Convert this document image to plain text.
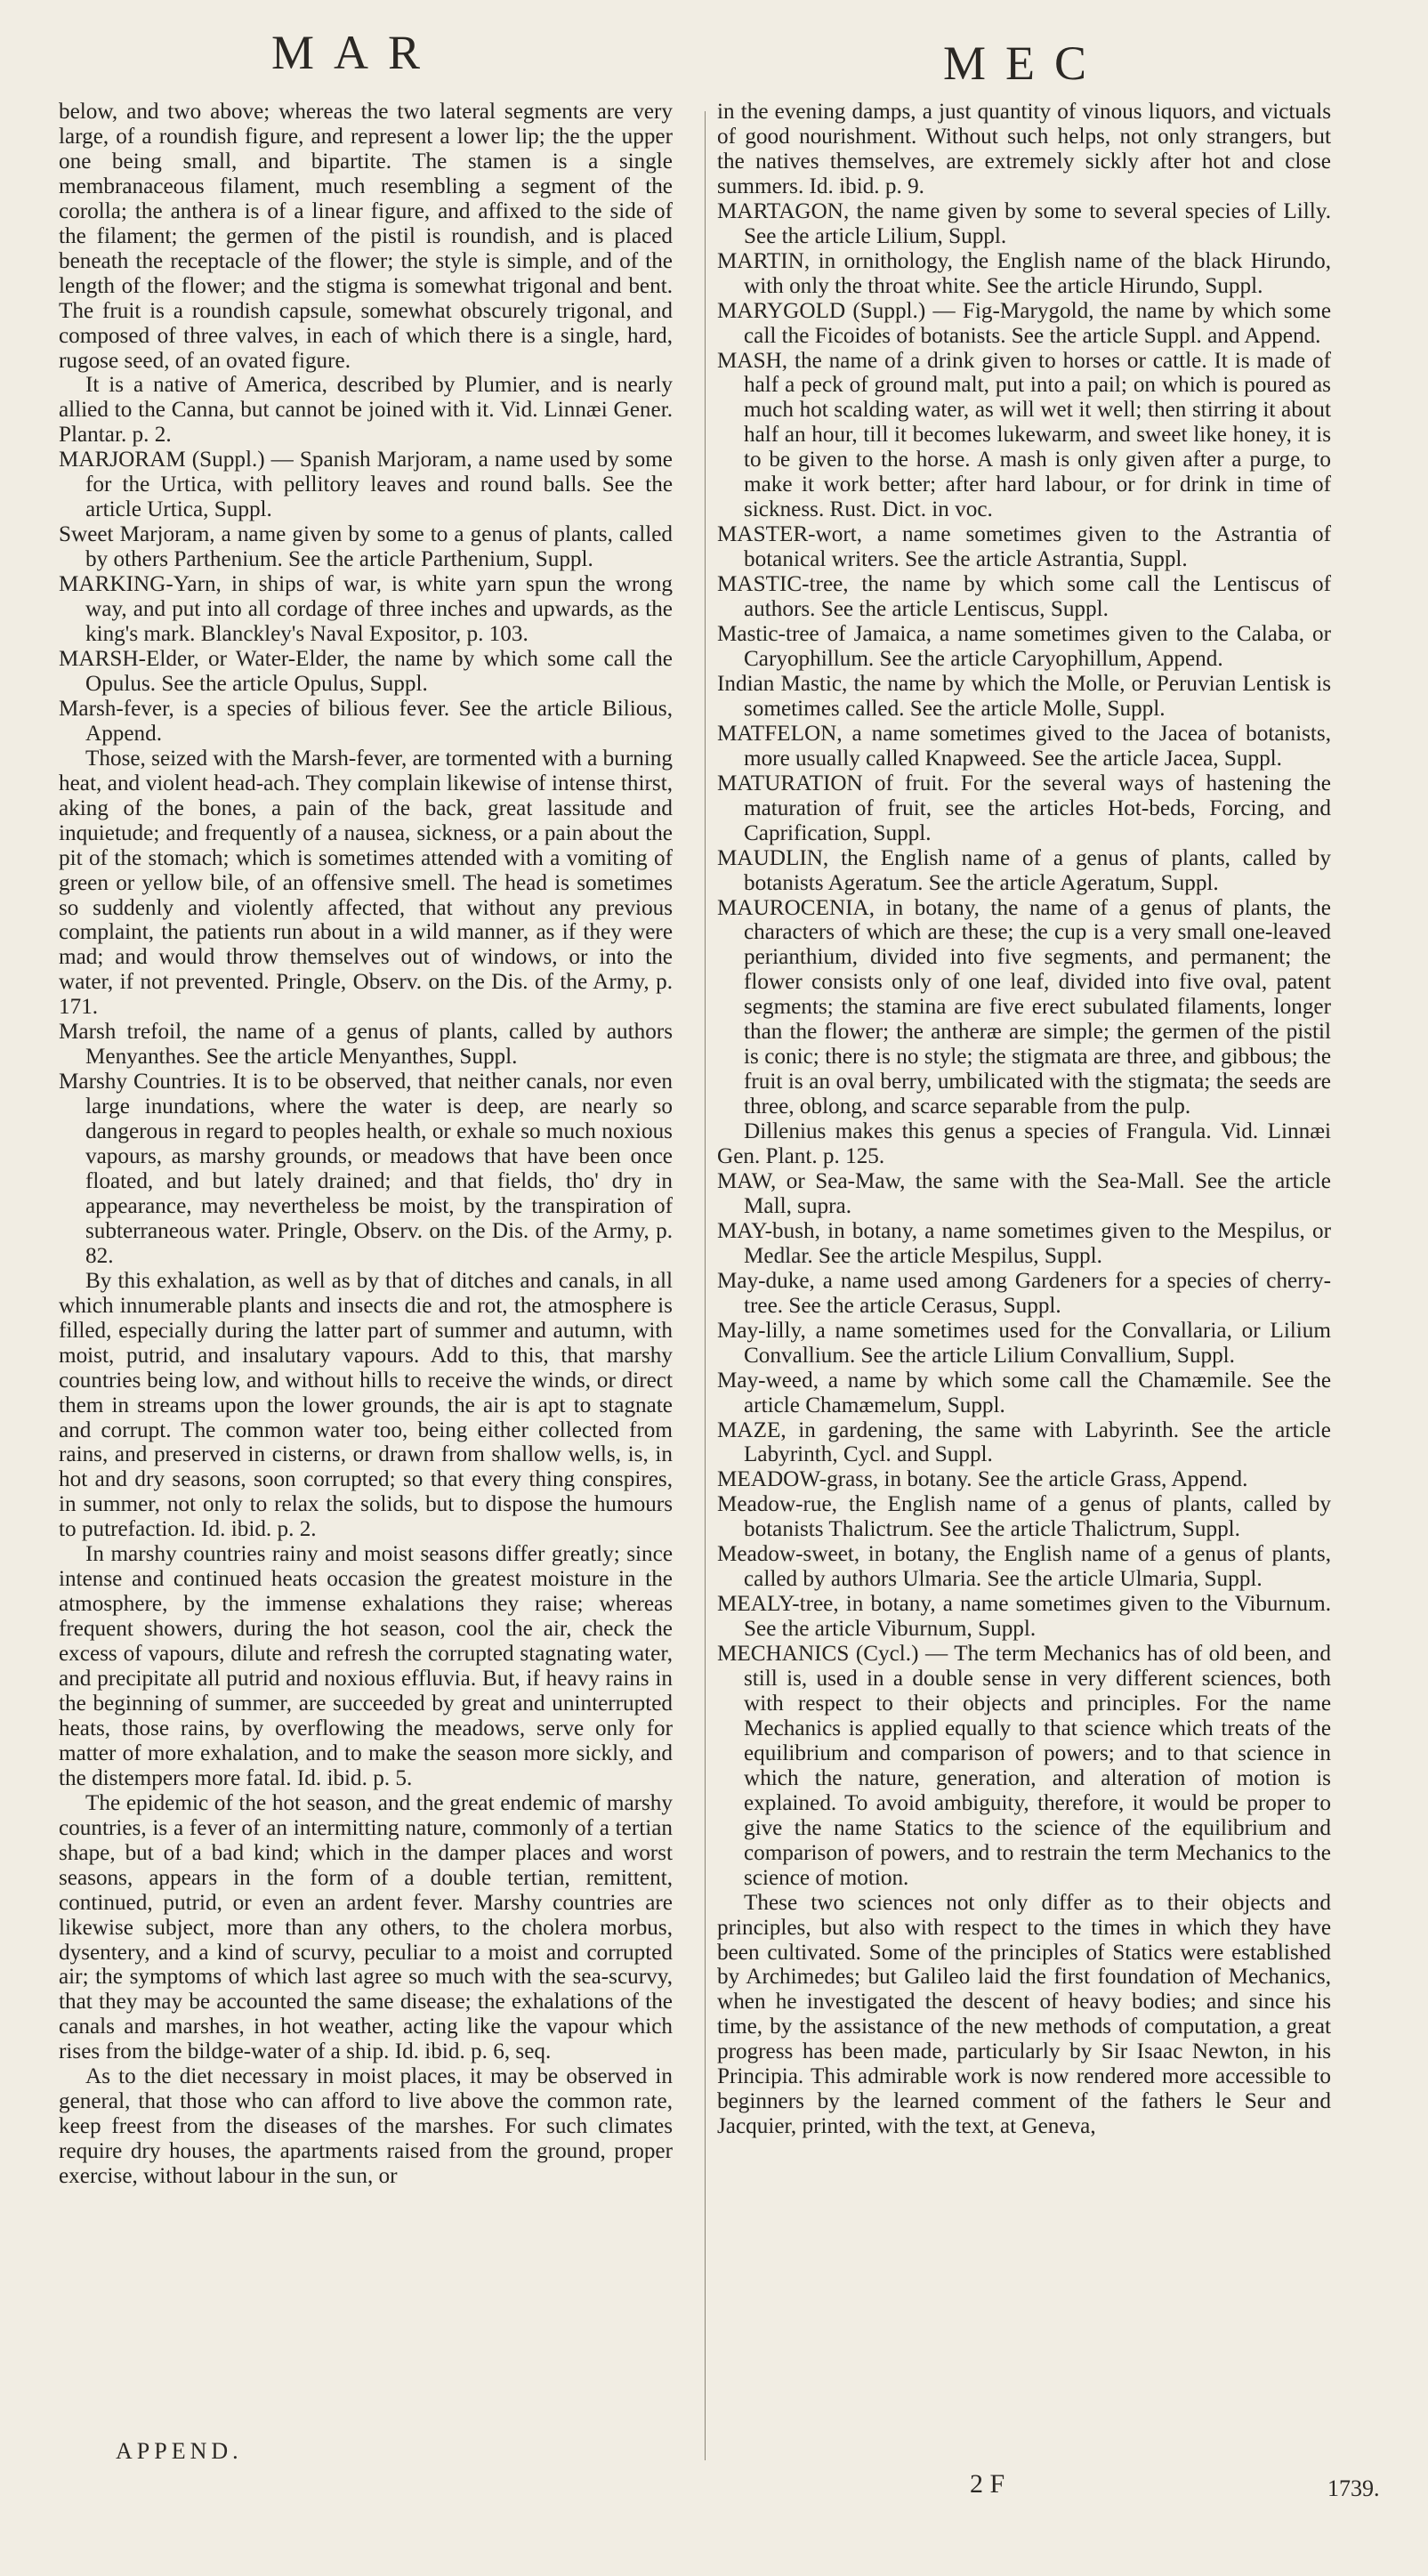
MAR	MEC

below, and two above; whereas the two lateral segments are very large, of a roundish figure, and represent a lower lip; the the upper one being small, and bipartite. The stamen is a single membranaceous filament, much resembling a segment of the corolla; the anthera is of a linear figure, and affixed to the side of the filament; the germen of the pistil is roundish, and is placed beneath the receptacle of the flower; the style is simple, and of the length of the flower; and the stigma is somewhat trigonal and bent. The fruit is a roundish capsule, somewhat obscurely trigonal, and composed of three valves, in each of which there is a single, hard, rugose seed, of an ovated figure.

It is a native of America, described by Plumier, and is nearly allied to the Canna, but cannot be joined with it. Vid. Linnæi Gener. Plantar. p. 2.

MARJORAM (Suppl.) — Spanish Marjoram, a name used by some for the Urtica, with pellitory leaves and round balls. See the article Urtica, Suppl.

Sweet Marjoram, a name given by some to a genus of plants, called by others Parthenium. See the article Parthenium, Suppl.

MARKING-Yarn, in ships of war, is white yarn spun the wrong way, and put into all cordage of three inches and upwards, as the king's mark. Blanckley's Naval Expositor, p. 103.

MARSH-Elder, or Water-Elder, the name by which some call the Opulus. See the article Opulus, Suppl.

Marsh-fever, is a species of bilious fever. See the article Bilious, Append.

Those, seized with the Marsh-fever, are tormented with a burning heat, and violent head-ach. They complain likewise of intense thirst, aking of the bones, a pain of the back, great lassitude and inquietude; and frequently of a nausea, sickness, or a pain about the pit of the stomach; which is sometimes attended with a vomiting of green or yellow bile, of an offensive smell. The head is sometimes so suddenly and violently affected, that without any previous complaint, the patients run about in a wild manner, as if they were mad; and would throw themselves out of windows, or into the water, if not prevented. Pringle, Observ. on the Dis. of the Army, p. 171.

Marsh trefoil, the name of a genus of plants, called by authors Menyanthes. See the article Menyanthes, Suppl.

Marshy Countries. It is to be observed, that neither canals, nor even large inundations, where the water is deep, are nearly so dangerous in regard to peoples health, or exhale so much noxious vapours, as marshy grounds, or meadows that have been once floated, and but lately drained; and that fields, tho' dry in appearance, may nevertheless be moist, by the transpiration of subterraneous water. Pringle, Observ. on the Dis. of the Army, p. 82.

By this exhalation, as well as by that of ditches and canals, in all which innumerable plants and insects die and rot, the atmosphere is filled, especially during the latter part of summer and autumn, with moist, putrid, and insalutary vapours. Add to this, that marshy countries being low, and without hills to receive the winds, or direct them in streams upon the lower grounds, the air is apt to stagnate and corrupt. The common water too, being either collected from rains, and preserved in cisterns, or drawn from shallow wells, is, in hot and dry seasons, soon corrupted; so that every thing conspires, in summer, not only to relax the solids, but to dispose the humours to putrefaction. Id. ibid. p. 2.

In marshy countries rainy and moist seasons differ greatly; since intense and continued heats occasion the greatest moisture in the atmosphere, by the immense exhalations they raise; whereas frequent showers, during the hot season, cool the air, check the excess of vapours, dilute and refresh the corrupted stagnating water, and precipitate all putrid and noxious effluvia. But, if heavy rains in the beginning of summer, are succeeded by great and uninterrupted heats, those rains, by overflowing the meadows, serve only for matter of more exhalation, and to make the season more sickly, and the distempers more fatal. Id. ibid. p. 5.

The epidemic of the hot season, and the great endemic of marshy countries, is a fever of an intermitting nature, commonly of a tertian shape, but of a bad kind; which in the damper places and worst seasons, appears in the form of a double tertian, remittent, continued, putrid, or even an ardent fever. Marshy countries are likewise subject, more than any others, to the cholera morbus, dysentery, and a kind of scurvy, peculiar to a moist and corrupted air; the symptoms of which last agree so much with the sea-scurvy, that they may be accounted the same disease; the exhalations of the canals and marshes, in hot weather, acting like the vapour which rises from the bildge-water of a ship. Id. ibid. p. 6, seq.

As to the diet necessary in moist places, it may be observed in general, that those who can afford to live above the common rate, keep freest from the diseases of the marshes. For such climates require dry houses, the apartments raised from the ground, proper exercise, without labour in the sun, or

in the evening damps, a just quantity of vinous liquors, and victuals of good nourishment. Without such helps, not only strangers, but the natives themselves, are extremely sickly after hot and close summers. Id. ibid. p. 9.

MARTAGON, the name given by some to several species of Lilly. See the article Lilium, Suppl.

MARTIN, in ornithology, the English name of the black Hirundo, with only the throat white. See the article Hirundo, Suppl.

MARYGOLD (Suppl.) — Fig-Marygold, the name by which some call the Ficoides of botanists. See the article Suppl. and Append.

MASH, the name of a drink given to horses or cattle. It is made of half a peck of ground malt, put into a pail; on which is poured as much hot scalding water, as will wet it well; then stirring it about half an hour, till it becomes lukewarm, and sweet like honey, it is to be given to the horse. A mash is only given after a purge, to make it work better; after hard labour, or for drink in time of sickness. Rust. Dict. in voc.

MASTER-wort, a name sometimes given to the Astrantia of botanical writers. See the article Astrantia, Suppl.

MASTIC-tree, the name by which some call the Lentiscus of authors. See the article Lentiscus, Suppl.

Mastic-tree of Jamaica, a name sometimes given to the Calaba, or Caryophillum. See the article Caryophillum, Append.

Indian Mastic, the name by which the Molle, or Peruvian Lentisk is sometimes called. See the article Molle, Suppl.

MATFELON, a name sometimes gived to the Jacea of botanists, more usually called Knapweed. See the article Jacea, Suppl.

MATURATION of fruit. For the several ways of hastening the maturation of fruit, see the articles Hot-beds, Forcing, and Caprification, Suppl.

MAUDLIN, the English name of a genus of plants, called by botanists Ageratum. See the article Ageratum, Suppl.

MAUROCENIA, in botany, the name of a genus of plants, the characters of which are these; the cup is a very small one-leaved perianthium, divided into five segments, and permanent; the flower consists only of one leaf, divided into five oval, patent segments; the stamina are five erect subulated filaments, longer than the flower; the antheræ are simple; the germen of the pistil is conic; there is no style; the stigmata are three, and gibbous; the fruit is an oval berry, umbilicated with the stigmata; the seeds are three, oblong, and scarce separable from the pulp.

Dillenius makes this genus a species of Frangula. Vid. Linnæi Gen. Plant. p. 125.

MAW, or Sea-Maw, the same with the Sea-Mall. See the article Mall, supra.

MAY-bush, in botany, a name sometimes given to the Mespilus, or Medlar. See the article Mespilus, Suppl.

May-duke, a name used among Gardeners for a species of cherry-tree. See the article Cerasus, Suppl.

May-lilly, a name sometimes used for the Convallaria, or Lilium Convallium. See the article Lilium Convallium, Suppl.

May-weed, a name by which some call the Chamæmile. See the article Chamæmelum, Suppl.

MAZE, in gardening, the same with Labyrinth. See the article Labyrinth, Cycl. and Suppl.

MEADOW-grass, in botany. See the article Grass, Append.

Meadow-rue, the English name of a genus of plants, called by botanists Thalictrum. See the article Thalictrum, Suppl.

Meadow-sweet, in botany, the English name of a genus of plants, called by authors Ulmaria. See the article Ulmaria, Suppl.

MEALY-tree, in botany, a name sometimes given to the Viburnum. See the article Viburnum, Suppl.

MECHANICS (Cycl.) — The term Mechanics has of old been, and still is, used in a double sense in very different sciences, both with respect to their objects and principles. For the name Mechanics is applied equally to that science which treats of the equilibrium and comparison of powers; and to that science in which the nature, generation, and alteration of motion is explained. To avoid ambiguity, therefore, it would be proper to give the name Statics to the science of the equilibrium and comparison of powers, and to restrain the term Mechanics to the science of motion.

These two sciences not only differ as to their objects and principles, but also with respect to the times in which they have been cultivated. Some of the principles of Statics were established by Archimedes; but Galileo laid the first foundation of Mechanics, when he investigated the descent of heavy bodies; and since his time, by the assistance of the new methods of computation, a great progress has been made, particularly by Sir Isaac Newton, in his Principia. This admirable work is now rendered more accessible to beginners by the learned comment of the fathers le Seur and Jacquier, printed, with the text, at Geneva,

APPEND.
2 F	1739.
